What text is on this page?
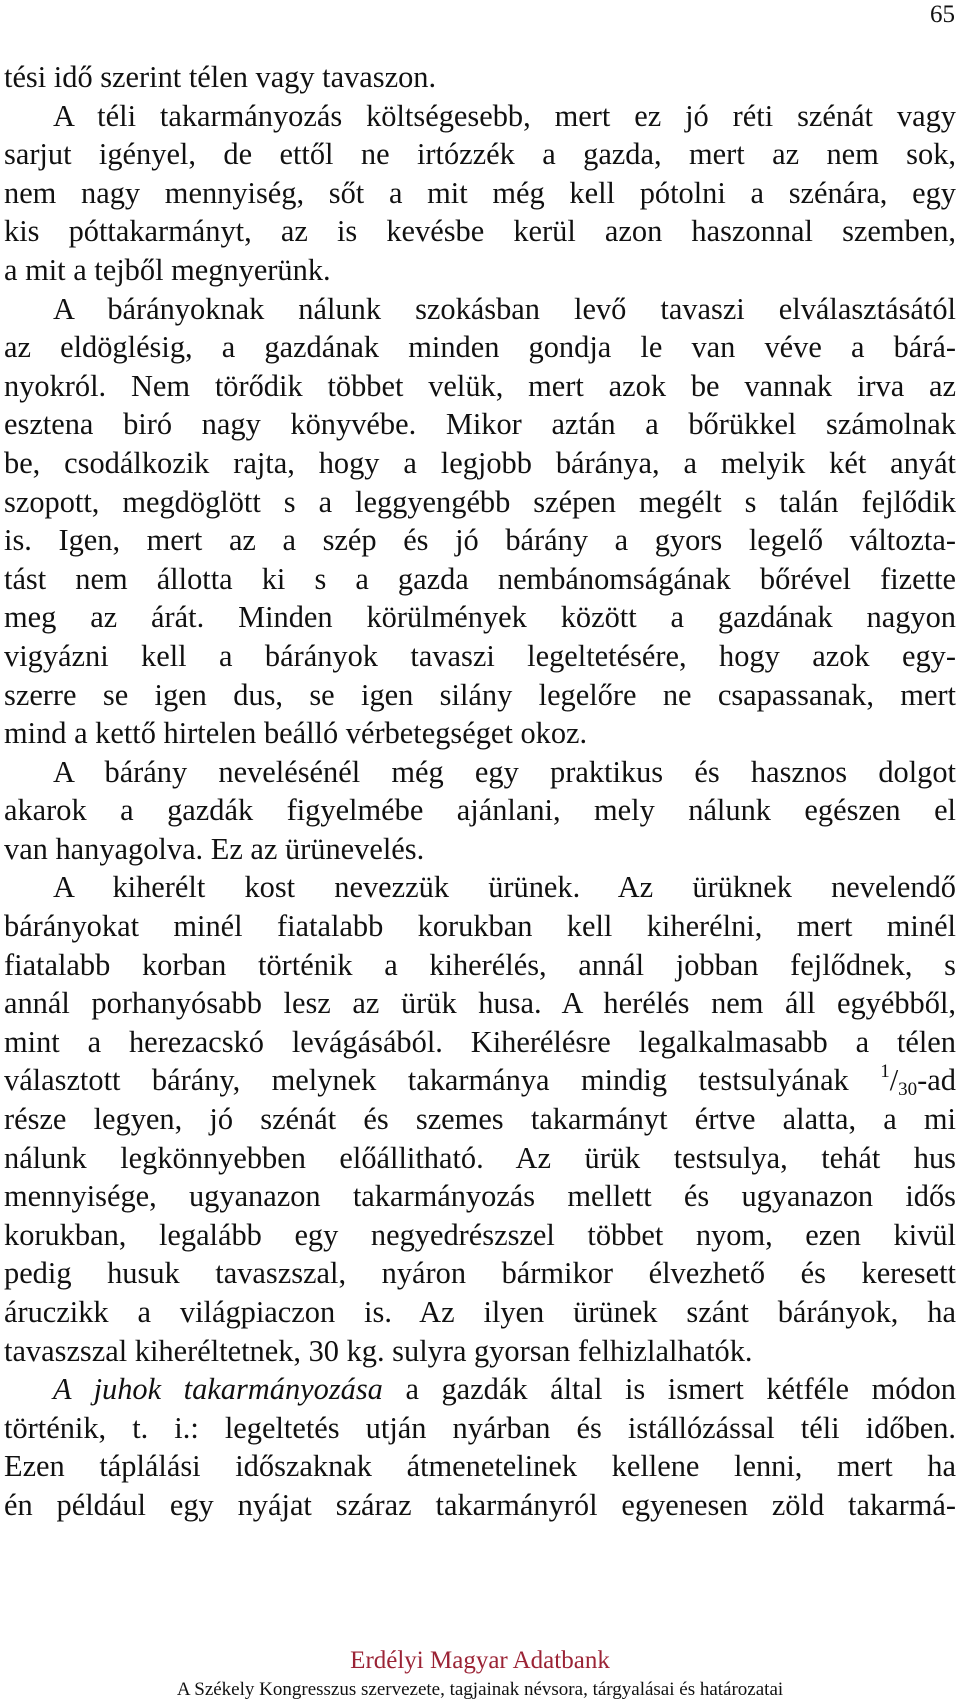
65
tési idő szerint télen vagy tavaszon.
A téli takarmányozás költségesebb, mert ez jó réti szénát vagy
sarjut igényel, de ettől ne irtózzék a gazda, mert az nem sok,
nem nagy mennyiség, sőt a mit még kell pótolni a szénára, egy
kis póttakarmányt, az is kevésbe kerül azon haszonnal szemben,
a mit a tejből megnyerünk.
A bárányoknak nálunk szokásban levő tavaszi elválasztásától
az eldöglésig, a gazdának minden gondja le van véve a bárá-
nyokról. Nem törődik többet velük, mert azok be vannak irva az
esztena biró nagy könyvébe. Mikor aztán a bőrükkel számolnak
be, csodálkozik rajta, hogy a legjobb báránya, a melyik két anyát
szopott, megdöglött s a leggyengébb szépen megélt s talán fejlődik
is. Igen, mert az a szép és jó bárány a gyors legelő változta-
tást nem állotta ki s a gazda nembánomságának bőrével fizette
meg az árát. Minden körülmények között a gazdának nagyon
vigyázni kell a bárányok tavaszi legeltetésére, hogy azok egy-
szerre se igen dus, se igen silány legelőre ne csapassanak, mert
mind a kettő hirtelen beálló vérbetegséget okoz.
A bárány nevelésénél még egy praktikus és hasznos dolgot
akarok a gazdák figyelmébe ajánlani, mely nálunk egészen el
van hanyagolva. Ez az ürünevelés.
A kiherélt kost nevezzük ürünek. Az ürüknek nevelendő
bárányokat minél fiatalabb korukban kell kiherélni, mert minél
fiatalabb korban történik a kiherélés, annál jobban fejlődnek, s
annál porhanyósabb lesz az ürük husa. A herélés nem áll egyébből,
mint a herezacskó levágásából. Kiherélésre legalkalmasabb a télen
választott bárány, melynek takarmánya mindig testsulyának $^1/_{30}-ad$
része legyen, jó szénát és szemes takarmányt értve alatta, a mi
nálunk legkönnyebben előállitható. Az ürük testsulya, tehát hus
mennyisége, ugyanazon takarmányozás mellett és ugyanazon idős
korukban, legalább egy negyedrészszel többet nyom, ezen kivül
pedig husuk tavaszszal, nyáron bármikor élvezhető és keresett
áruczikk a világpiaczon is. Az ilyen ürünek szánt bárányok, ha
tavaszszal kiheréltetnek, 30 kg. sulyra gyorsan felhizlalhatók.
A juhok takarmányozása a gazdák által is ismert kétféle módon
történik, t. i.: legeltetés utján nyárban és istállózással téli időben.
Ezen táplálási időszaknak átmenetelinek kellene lenni, mert ha
én például egy nyájat száraz takarmányról egyenesen zöld takarmá-
Erdélyi Magyar Adatbank
A Székely Kongresszus szervezete, tagjainak névsora, tárgyalásai és határozatai
